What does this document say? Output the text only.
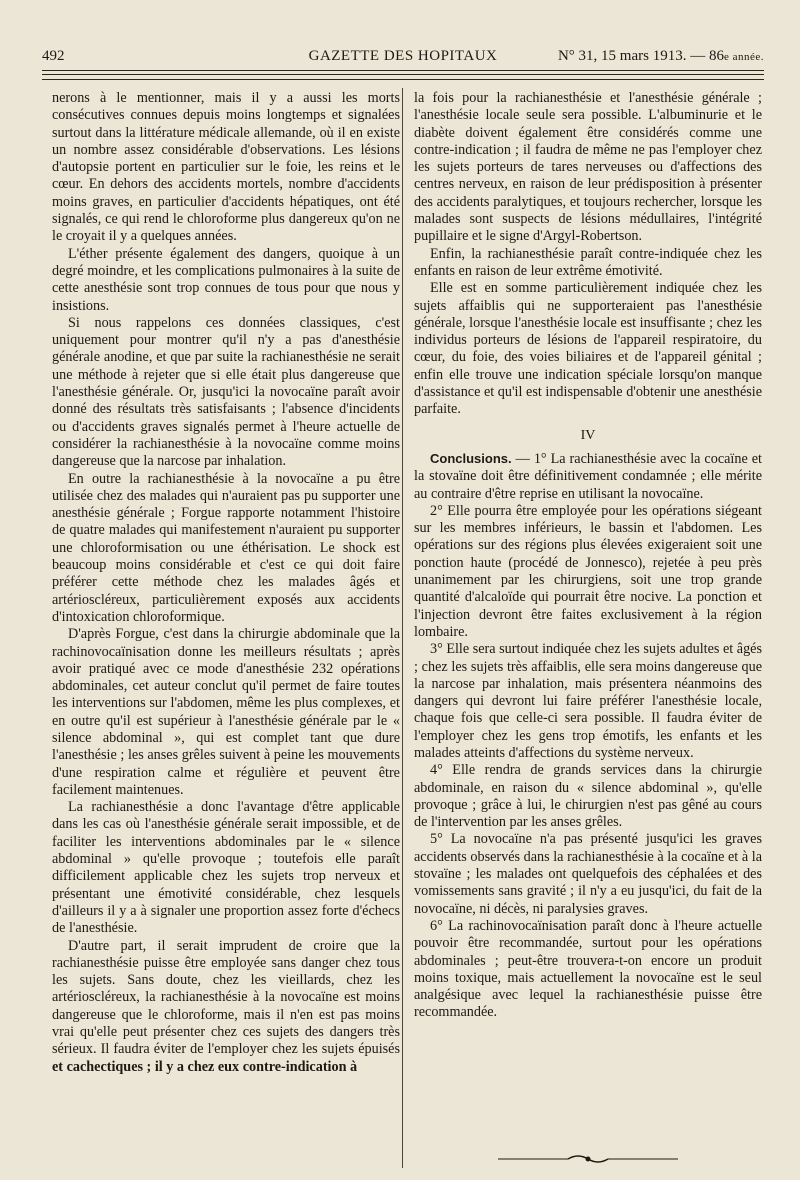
492	GAZETTE DES HOPITAUX	N° 31, 15 mars 1913. — 86e année.

nerons à le mentionner, mais il y a aussi les morts consécutives connues depuis moins longtemps et signalées surtout dans la littérature médicale allemande, où il en existe un nombre assez considérable d'observations. Les lésions d'autopsie portent en particulier sur le foie, les reins et le cœur. En dehors des accidents mortels, nombre d'accidents moins graves, en particulier d'accidents hépatiques, ont été signalés, ce qui rend le chloroforme plus dangereux qu'on ne le croyait il y a quelques années.

L'éther présente également des dangers, quoique à un degré moindre, et les complications pulmonaires à la suite de cette anesthésie sont trop connues de tous pour que nous y insistions.

Si nous rappelons ces données classiques, c'est uniquement pour montrer qu'il n'y a pas d'anesthésie générale anodine, et que par suite la rachianesthésie ne serait une méthode à rejeter que si elle était plus dangereuse que l'anesthésie générale. Or, jusqu'ici la novocaïne paraît avoir donné des résultats très satisfaisants ; l'absence d'incidents ou d'accidents graves signalés permet à l'heure actuelle de considérer la rachianesthésie à la novocaïne comme moins dangereuse que la narcose par inhalation.

En outre la rachianesthésie à la novocaïne a pu être utilisée chez des malades qui n'auraient pas pu supporter une anesthésie générale ; Forgue rapporte notamment l'histoire de quatre malades qui manifestement n'auraient pu supporter une chloroformisation ou une éthérisation. Le shock est beaucoup moins considérable et c'est ce qui doit faire préférer cette méthode chez les malades âgés et artérioscléreux, particulièrement exposés aux accidents d'intoxication chloroformique.

D'après Forgue, c'est dans la chirurgie abdominale que la rachinovocaïnisation donne les meilleurs résultats ; après avoir pratiqué avec ce mode d'anesthésie 232 opérations abdominales, cet auteur conclut qu'il permet de faire toutes les interventions sur l'abdomen, même les plus complexes, et en outre qu'il est supérieur à l'anesthésie générale par le « silence abdominal », qui est complet tant que dure l'anesthésie ; les anses grêles suivent à peine les mouvements d'une respiration calme et régulière et peuvent être facilement maintenues.

La rachianesthésie a donc l'avantage d'être applicable dans les cas où l'anesthésie générale serait impossible, et de faciliter les interventions abdominales par le « silence abdominal » qu'elle provoque ; toutefois elle paraît difficilement applicable chez les sujets trop nerveux et présentant une émotivité considérable, chez lesquels d'ailleurs il y a à signaler une proportion assez forte d'échecs de l'anesthésie.

D'autre part, il serait imprudent de croire que la rachianesthésie puisse être employée sans danger chez tous les sujets. Sans doute, chez les vieillards, chez les artérioscléreux, la rachianesthésie à la novocaïne est moins dangereuse que le chloroforme, mais il n'en est pas moins vrai qu'elle peut présenter chez ces sujets des dangers très sérieux. Il faudra éviter de l'employer chez les sujets épuisés et cachectiques ; il y a chez eux contre-indication à

la fois pour la rachianesthésie et l'anesthésie générale ; l'anesthésie locale seule sera possible. L'albuminurie et le diabète doivent également être considérés comme une contre-indication ; il faudra de même ne pas l'employer chez les sujets porteurs de tares nerveuses ou d'affections des centres nerveux, en raison de leur prédisposition à présenter des accidents paralytiques, et toujours rechercher, lorsque les malades sont suspects de lésions médullaires, l'intégrité pupillaire et le signe d'Argyl-Robertson.

Enfin, la rachianesthésie paraît contre-indiquée chez les enfants en raison de leur extrême émotivité.

Elle est en somme particulièrement indiquée chez les sujets affaiblis qui ne supporteraient pas l'anesthésie générale, lorsque l'anesthésie locale est insuffisante ; chez les individus porteurs de lésions de l'appareil respiratoire, du cœur, du foie, des voies biliaires et de l'appareil génital ; enfin elle trouve une indication spéciale lorsqu'on manque d'assistance et qu'il est indispensable d'obtenir une anesthésie parfaite.

IV

Conclusions. — 1° La rachianesthésie avec la cocaïne et la stovaïne doit être définitivement condamnée ; elle mérite au contraire d'être reprise en utilisant la novocaïne.

2° Elle pourra être employée pour les opérations siégeant sur les membres inférieurs, le bassin et l'abdomen. Les opérations sur des régions plus élevées exigeraient soit une ponction haute (procédé de Jonnesco), rejetée à peu près unanimement par les chirurgiens, soit une trop grande quantité d'alcaloïde qui pourrait être nocive. La ponction et l'injection devront être faites exclusivement à la région lombaire.

3° Elle sera surtout indiquée chez les sujets adultes et âgés ; chez les sujets très affaiblis, elle sera moins dangereuse que la narcose par inhalation, mais présentera néanmoins des dangers qui devront lui faire préférer l'anesthésie locale, chaque fois que celle-ci sera possible. Il faudra éviter de l'employer chez les gens trop émotifs, les enfants et les malades atteints d'affections du système nerveux.

4° Elle rendra de grands services dans la chirurgie abdominale, en raison du « silence abdominal », qu'elle provoque ; grâce à lui, le chirurgien n'est pas gêné au cours de l'intervention par les anses grêles.

5° La novocaïne n'a pas présenté jusqu'ici les graves accidents observés dans la rachianesthésie à la cocaïne et à la stovaïne ; les malades ont quelquefois des céphalées et des vomissements sans gravité ; il n'y a eu jusqu'ici, du fait de la novocaïne, ni décès, ni paralysies graves.

6° La rachinovocaïnisation paraît donc à l'heure actuelle pouvoir être recommandée, surtout pour les opérations abdominales ; peut-être trouvera-t-on encore un produit moins toxique, mais actuellement la novocaïne est le seul analgésique avec lequel la rachianesthésie puisse être recommandée.
